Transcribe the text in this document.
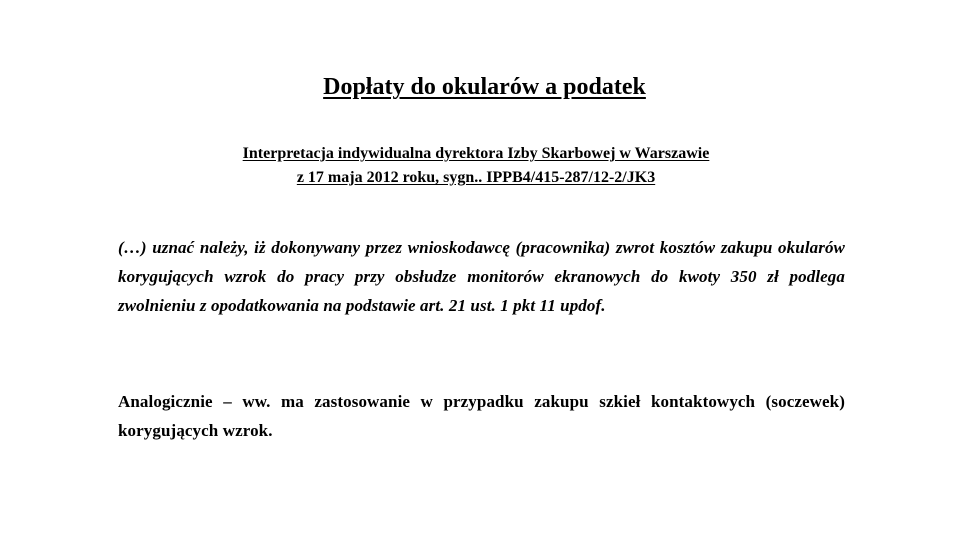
Dopłaty do okularów a podatek
Interpretacja indywidualna dyrektora Izby Skarbowej w Warszawie
z 17 maja 2012 roku, sygn.. IPPB4/415-287/12-2/JK3
(…) uznać należy, iż dokonywany przez wnioskodawcę (pracownika) zwrot kosztów zakupu okularów korygujących wzrok do pracy przy obsłudze monitorów ekranowych do kwoty 350 zł podlega zwolnieniu z opodatkowania na podstawie art. 21 ust. 1 pkt 11 updof.
Analogicznie – ww. ma zastosowanie w przypadku zakupu szkieł kontaktowych (soczewek) korygujących wzrok.
